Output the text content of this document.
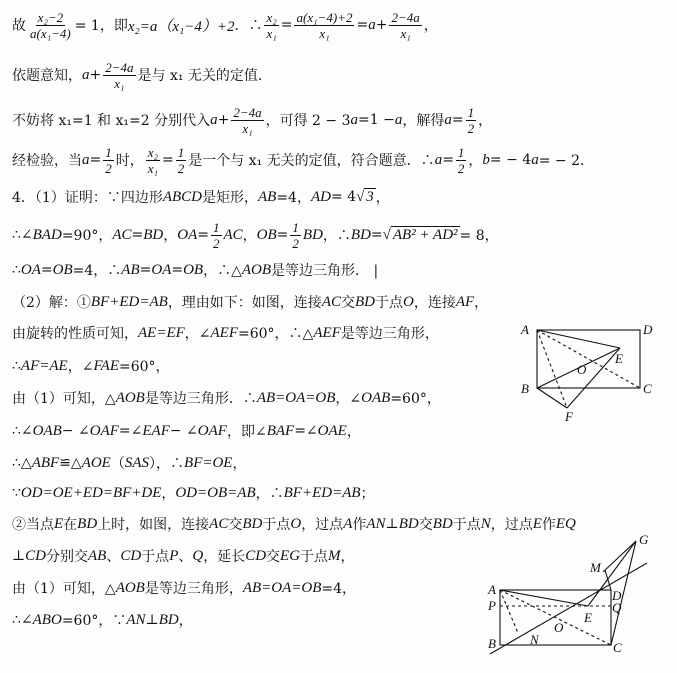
故 $\frac{\text{x₂−2}}{\text{a(x₁−4)}} = 1$，即 x₂=a（x₁−4）+2 ．∴ $\frac{\text{x₂}}{\text{x₁}} = \frac{\text{a(x₁−4)+2}}{\text{x₁}} = a + \frac{2-4a}{\text{x₁}}$ ，
依题意知， $a + \frac{2-4a}{\text{x₁}}$ 是与 x₁ 无关的定值．
不妨将 x₁=1 和 x₁=2 分别代入 $a + \frac{2-4a}{\text{x₁}}$ ，可得 2 − 3 a =1 − a ，解得 $a = \frac{1}{2}$ ，
经检验，当 $a = \frac{1}{2}$ 时， $\frac{\text{x₂}}{\text{x₁}} = \frac{1}{2}$ 是一个与 x₁ 无关的定值，符合题意．∴ $a = \frac{1}{2}$ ， b = − 4 a = − 2．
4．（1）证明：∵四边形 ABCD 是矩形， AB =4， AD = 4 √ 3 ，
∴∠ BAD =90°， AC = BD ， OA = $\frac{1}{2}$ AC ， OB = $\frac{1}{2}$ BD ，∴ BD = √ AB² + AD² = 8，
∴ OA = OB =4，∴ AB = OA = OB ，∴△ AOB 是等边三角形． |
（2）解：① BF+ED=AB ，理由如下：如图，连接 AC 交 BD 于点 O ，连接 AF ，
由旋转的性质可知， AE=EF ，∠ AEF =60°，∴△ AEF 是等边三角形，
∴ AF=AE ，∠ FAE =60°，
由（1）可知，△ AOB 是等边三角形．∴ AB=OA=OB ，∠ OAB =60°，
∴∠ OAB − ∠ OAF =∠ EAF − ∠ OAF ，即∠ BAF =∠ OAE ，
∴△ ABF ≌△ AOE （ SAS ），∴ BF=OE ，
∵ OD=OE+ED=BF+DE ， OD=OB=AB ，∴ BF+ED=AB ；
②当点 E 在 BD 上时，如图，连接 AC 交 BD 于点 O ，过点 A 作 AN ⊥ BD 交 BD 于点 N ，过点 E 作 EQ
⊥ CD 分别交 AB 、 CD 于点 P 、 Q ，延长 CD 交 EG 于点 M ，
由（1）可知，△ AOB 是等边三角形， AB=OA=OB =4，
∴∠ ABO =60°，∵ AN ⊥ BD ，
A	D
E
O
B	C
F
G
M
A	D
P	Q
E
O
B	N
C
